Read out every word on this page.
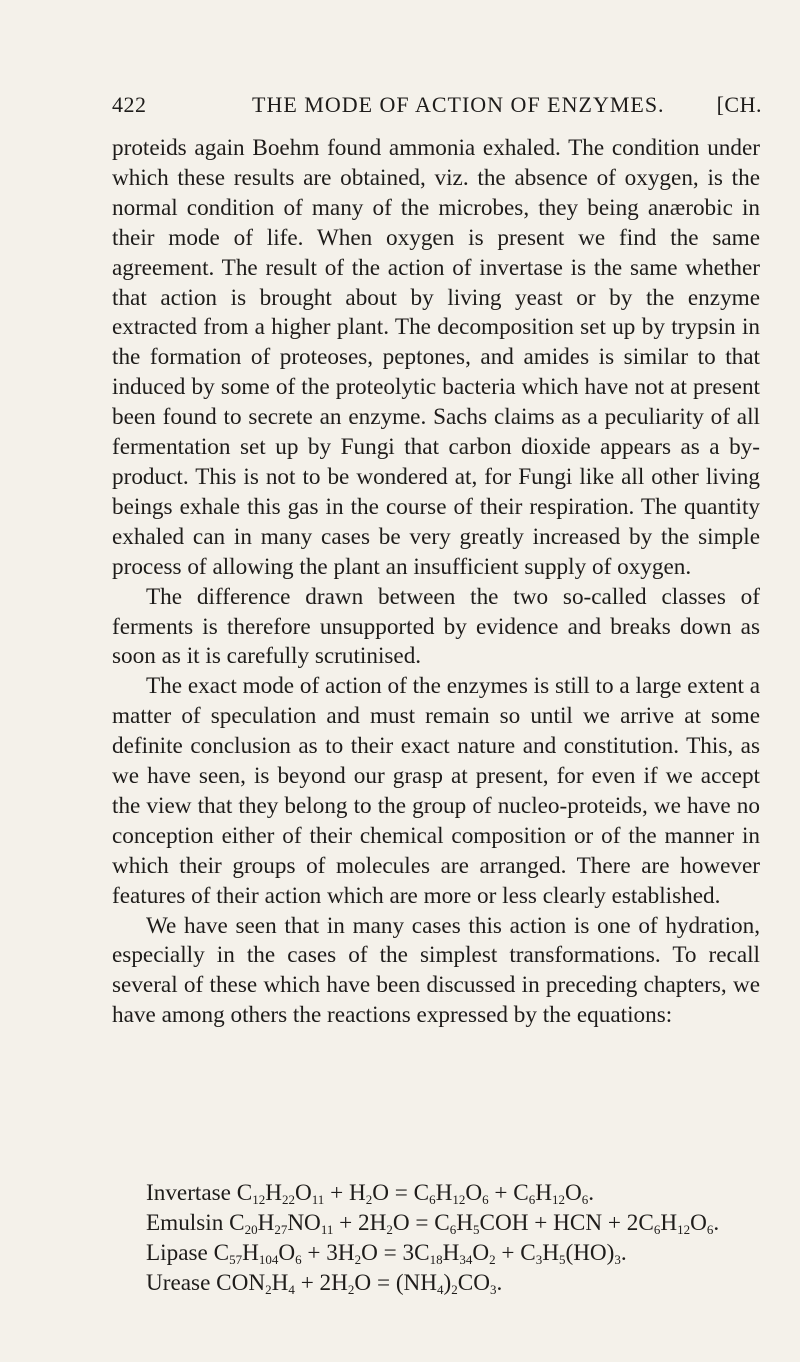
422	THE MODE OF ACTION OF ENZYMES. [CH.

proteids again Boehm found ammonia exhaled. The condition under which these results are obtained, viz. the absence of oxygen, is the normal condition of many of the microbes, they being anærobic in their mode of life. When oxygen is present we find the same agreement. The result of the action of invertase is the same whether that action is brought about by living yeast or by the enzyme extracted from a higher plant. The decomposition set up by trypsin in the formation of proteoses, peptones, and amides is similar to that induced by some of the proteolytic bacteria which have not at present been found to secrete an enzyme. Sachs claims as a peculiarity of all fermentation set up by Fungi that carbon dioxide appears as a by-product. This is not to be wondered at, for Fungi like all other living beings exhale this gas in the course of their respiration. The quantity exhaled can in many cases be very greatly increased by the simple process of allowing the plant an insufficient supply of oxygen.

The difference drawn between the two so-called classes of ferments is therefore unsupported by evidence and breaks down as soon as it is carefully scrutinised.

The exact mode of action of the enzymes is still to a large extent a matter of speculation and must remain so until we arrive at some definite conclusion as to their exact nature and constitution. This, as we have seen, is beyond our grasp at present, for even if we accept the view that they belong to the group of nucleo-proteids, we have no conception either of their chemical composition or of the manner in which their groups of molecules are arranged. There are however features of their action which are more or less clearly established.

We have seen that in many cases this action is one of hydration, especially in the cases of the simplest transformations. To recall several of these which have been discussed in preceding chapters, we have among others the reactions expressed by the equations:

Invertase $C_{12}H_{22}O_{11} + H_2O = C_6H_{12}O_6 + C_6H_{12}O_6$.
Emulsin $C_{20}H_{27}NO_{11} + 2H_2O = C_6H_5COH$ + HCN + $2C_6H_{12}O_6$.
Lipase $C_{57}H_{104}O_6 + 3H_2O = 3C_{18}H_{34}O_2 + C_3H_5(HO)_3$.
Urease $CON_2H_4 + 2H_2O = (NH_4)_2CO_3$.
